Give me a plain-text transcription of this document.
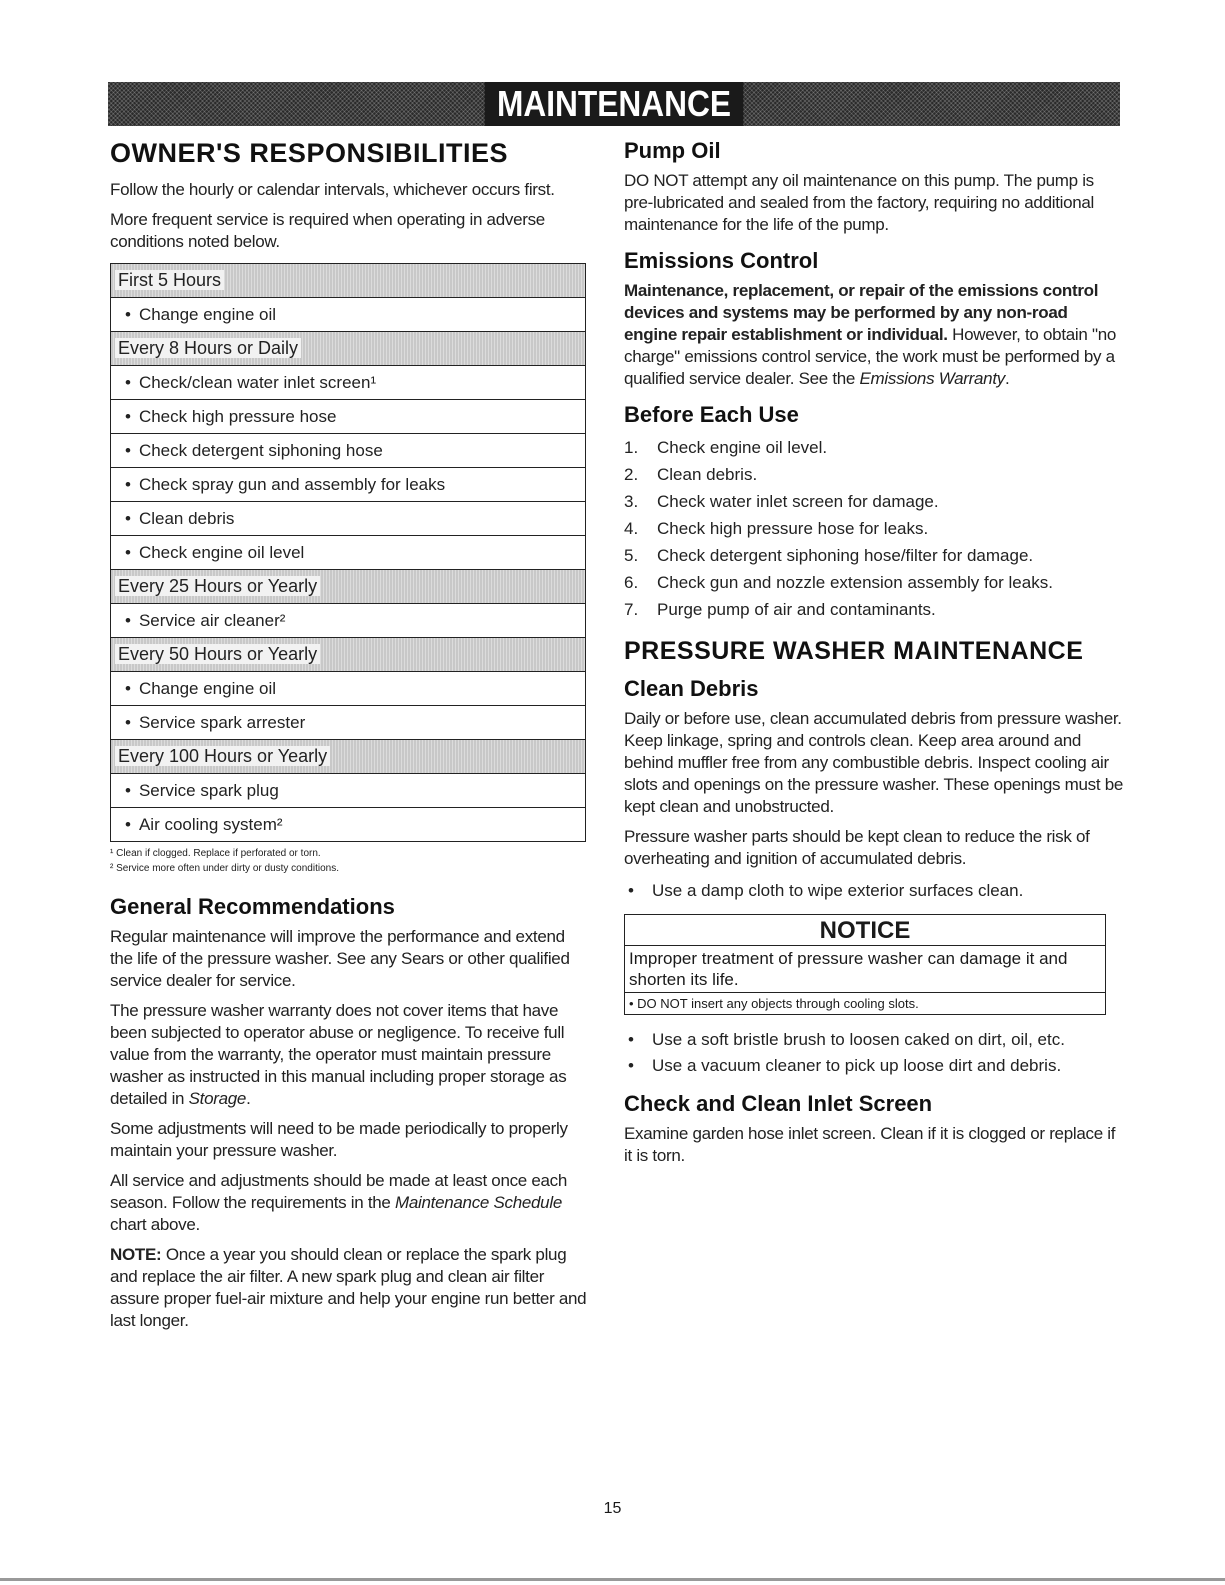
MAINTENANCE
OWNER'S RESPONSIBILITIES

Follow the hourly or calendar intervals, whichever occurs first.

More frequent service is required when operating in adverse conditions noted below.

First 5 Hours
• Change engine oil
Every 8 Hours or Daily
• Check/clean water inlet screen¹
• Check high pressure hose
• Check detergent siphoning hose
• Check spray gun and assembly for leaks
• Clean debris
• Check engine oil level
Every 25 Hours or Yearly
• Service air cleaner²
Every 50 Hours or Yearly
• Change engine oil
• Service spark arrester
Every 100 Hours or Yearly
• Service spark plug
• Air cooling system²

¹ Clean if clogged. Replace if perforated or torn.

² Service more often under dirty or dusty conditions.

General Recommendations

Regular maintenance will improve the performance and extend the life of the pressure washer. See any Sears or other qualified service dealer for service.

The pressure washer warranty does not cover items that have been subjected to operator abuse or negligence. To receive full value from the warranty, the operator must maintain pressure washer as instructed in this manual including proper storage as detailed in Storage.

Some adjustments will need to be made periodically to properly maintain your pressure washer.

All service and adjustments should be made at least once each season. Follow the requirements in the Maintenance Schedule chart above.

NOTE: Once a year you should clean or replace the spark plug and replace the air filter. A new spark plug and clean air filter assure proper fuel-air mixture and help your engine run better and last longer.

Pump Oil

DO NOT attempt any oil maintenance on this pump. The pump is pre-lubricated and sealed from the factory, requiring no additional maintenance for the life of the pump.

Emissions Control

Maintenance, replacement, or repair of the emissions control devices and systems may be performed by any non-road engine repair establishment or individual. However, to obtain "no charge" emissions control service, the work must be performed by a qualified service dealer. See the Emissions Warranty.

Before Each Use
1. Check engine oil level.
2. Clean debris.
3. Check water inlet screen for damage.
4. Check high pressure hose for leaks.
5. Check detergent siphoning hose/filter for damage.
6. Check gun and nozzle extension assembly for leaks.
7. Purge pump of air and contaminants.
PRESSURE WASHER MAINTENANCE
Clean Debris

Daily or before use, clean accumulated debris from pressure washer. Keep linkage, spring and controls clean. Keep area around and behind muffler free from any combustible debris. Inspect cooling air slots and openings on the pressure washer. These openings must be kept clean and unobstructed.

Pressure washer parts should be kept clean to reduce the risk of overheating and ignition of accumulated debris.

• Use a damp cloth to wipe exterior surfaces clean.
NOTICE
Improper treatment of pressure washer can damage it and shorten its life.
• DO NOT insert any objects through cooling slots.
• Use a soft bristle brush to loosen caked on dirt, oil, etc.
• Use a vacuum cleaner to pick up loose dirt and debris.
Check and Clean Inlet Screen

Examine garden hose inlet screen. Clean if it is clogged or replace if it is torn.

15
